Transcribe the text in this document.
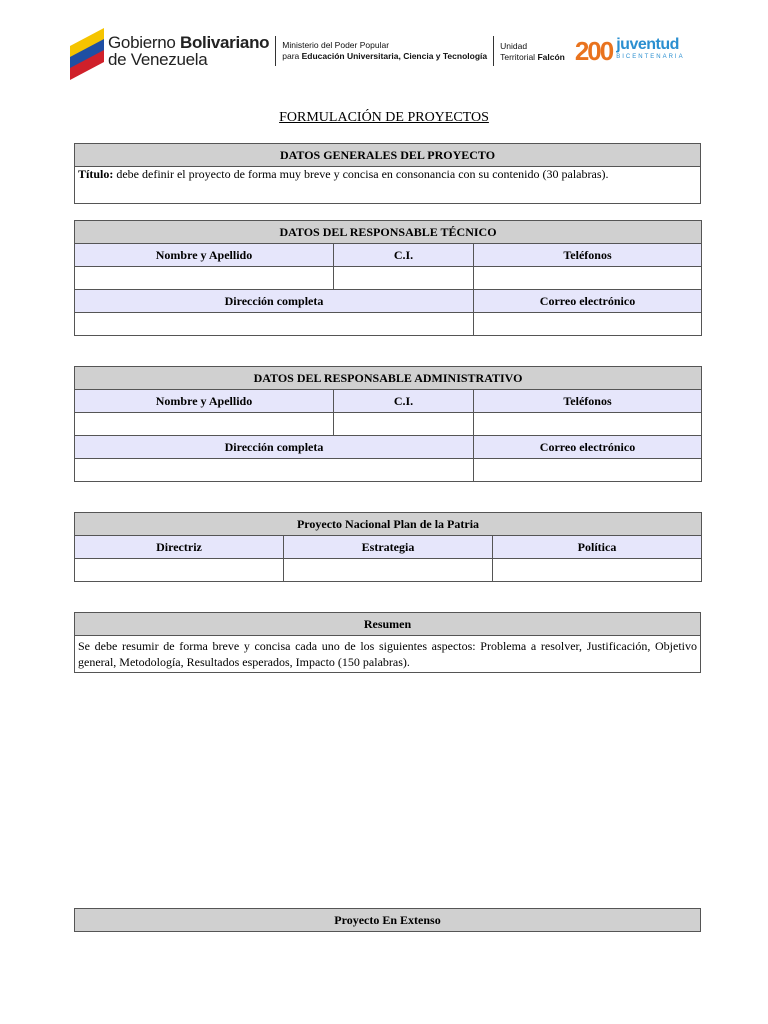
Gobierno Bolivariano
de Venezuela
Ministerio del Poder Popular
para Educación Universitaria, Ciencia y Tecnología
Unidad
Territorial Falcón 200 juventud
BICENTENARIA
FORMULACIÓN DE PROYECTOS
DATOS GENERALES DEL PROYECTO
Título: debe definir el proyecto de forma muy breve y concisa en consonancia con su contenido (30 palabras).
DATOS DEL RESPONSABLE TÉCNICO		
Nombre y Apellido	C.I.	Teléfonos

Dirección completa		Correo electrónico

DATOS DEL RESPONSABLE ADMINISTRATIVO		
Nombre y Apellido	C.I.	Teléfonos

Dirección completa		Correo electrónico

Proyecto Nacional Plan de la Patria		
Directriz	Estrategia	Política

Resumen
Se debe resumir de forma breve y concisa cada uno de los siguientes aspectos: Problema a resolver, Justificación, Objetivo general, Metodología, Resultados esperados, Impacto (150 palabras).
Proyecto En Extenso
